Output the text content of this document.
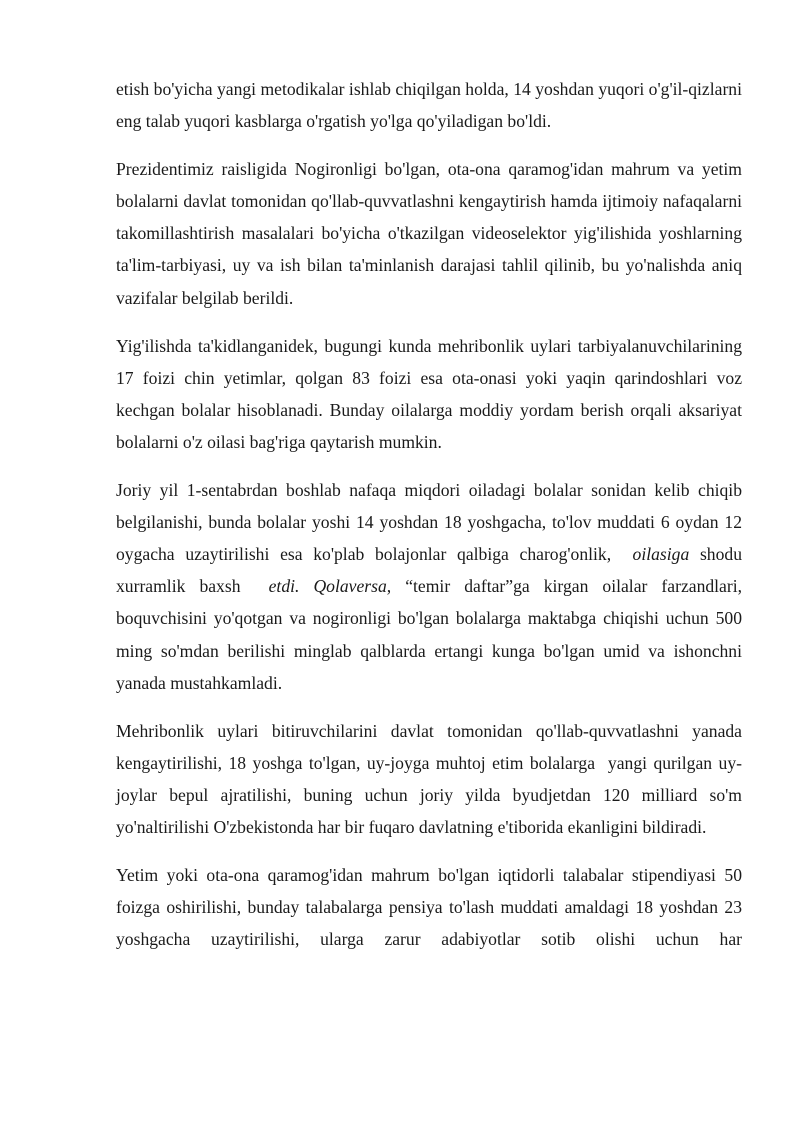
etish bo'yicha yangi metodikalar ishlab chiqilgan holda, 14 yoshdan yuqori o'g'il-qizlarni eng talab yuqori kasblarga o'rgatish yo'lga qo'yiladigan bo'ldi.

Prezidentimiz raisligida Nogironligi bo'lgan, ota-ona qaramog'idan mahrum va yetim bolalarni davlat tomonidan qo'llab-quvvatlashni kengaytirish hamda ijtimoiy nafaqalarni takomillashtirish masalalari bo'yicha o'tkazilgan videoselektor yig'ilishida yoshlarning ta'lim-tarbiyasi, uy va ish bilan ta'minlanish darajasi tahlil qilinib, bu yo'nalishda aniq vazifalar belgilab berildi.

Yig'ilishda ta'kidlanganidek, bugungi kunda mehribonlik uylari tarbiyalanuvchilarining 17 foizi chin yetimlar, qolgan 83 foizi esa ota-onasi yoki yaqin qarindoshlari voz kechgan bolalar hisoblanadi. Bunday oilalarga moddiy yordam berish orqali aksariyat bolalarni o'z oilasi bag'riga qaytarish mumkin.

Joriy yil 1-sentabrdan boshlab nafaqa miqdori oiladagi bolalar sonidan kelib chiqib belgilanishi, bunda bolalar yoshi 14 yoshdan 18 yoshgacha, to'lov muddati 6 oydan 12 oygacha uzaytirilishi esa ko'plab bolajonlar qalbiga charog'onlik,  oilasiga shodu xurramlik baxsh  etdi. Qolaversa, “temir daftar”ga kirgan oilalar farzandlari, boquvchisini yo'qotgan va nogironligi bo'lgan bolalarga maktabga chiqishi uchun 500 ming so'mdan berilishi minglab qalblarda ertangi kunga bo'lgan umid va ishonchni yanada mustahkamladi.

Mehribonlik uylari bitiruvchilarini davlat tomonidan qo'llab-quvvatlashni yanada kengaytirilishi, 18 yoshga to'lgan, uy-joyga muhtoj etim bolalarga  yangi qurilgan uy-joylar bepul ajratilishi, buning uchun joriy yilda byudjetdan 120 milliard so'm yo'naltirilishi O'zbekistonda har bir fuqaro davlatning e'tiborida ekanligini bildiradi.

Yetim yoki ota-ona qaramog'idan mahrum bo'lgan iqtidorli talabalar stipendiyasi 50 foizga oshirilishi, bunday talabalarga pensiya to'lash muddati amaldagi 18 yoshdan 23 yoshgacha uzaytirilishi, ularga zarur adabiyotlar sotib olishi uchun har
